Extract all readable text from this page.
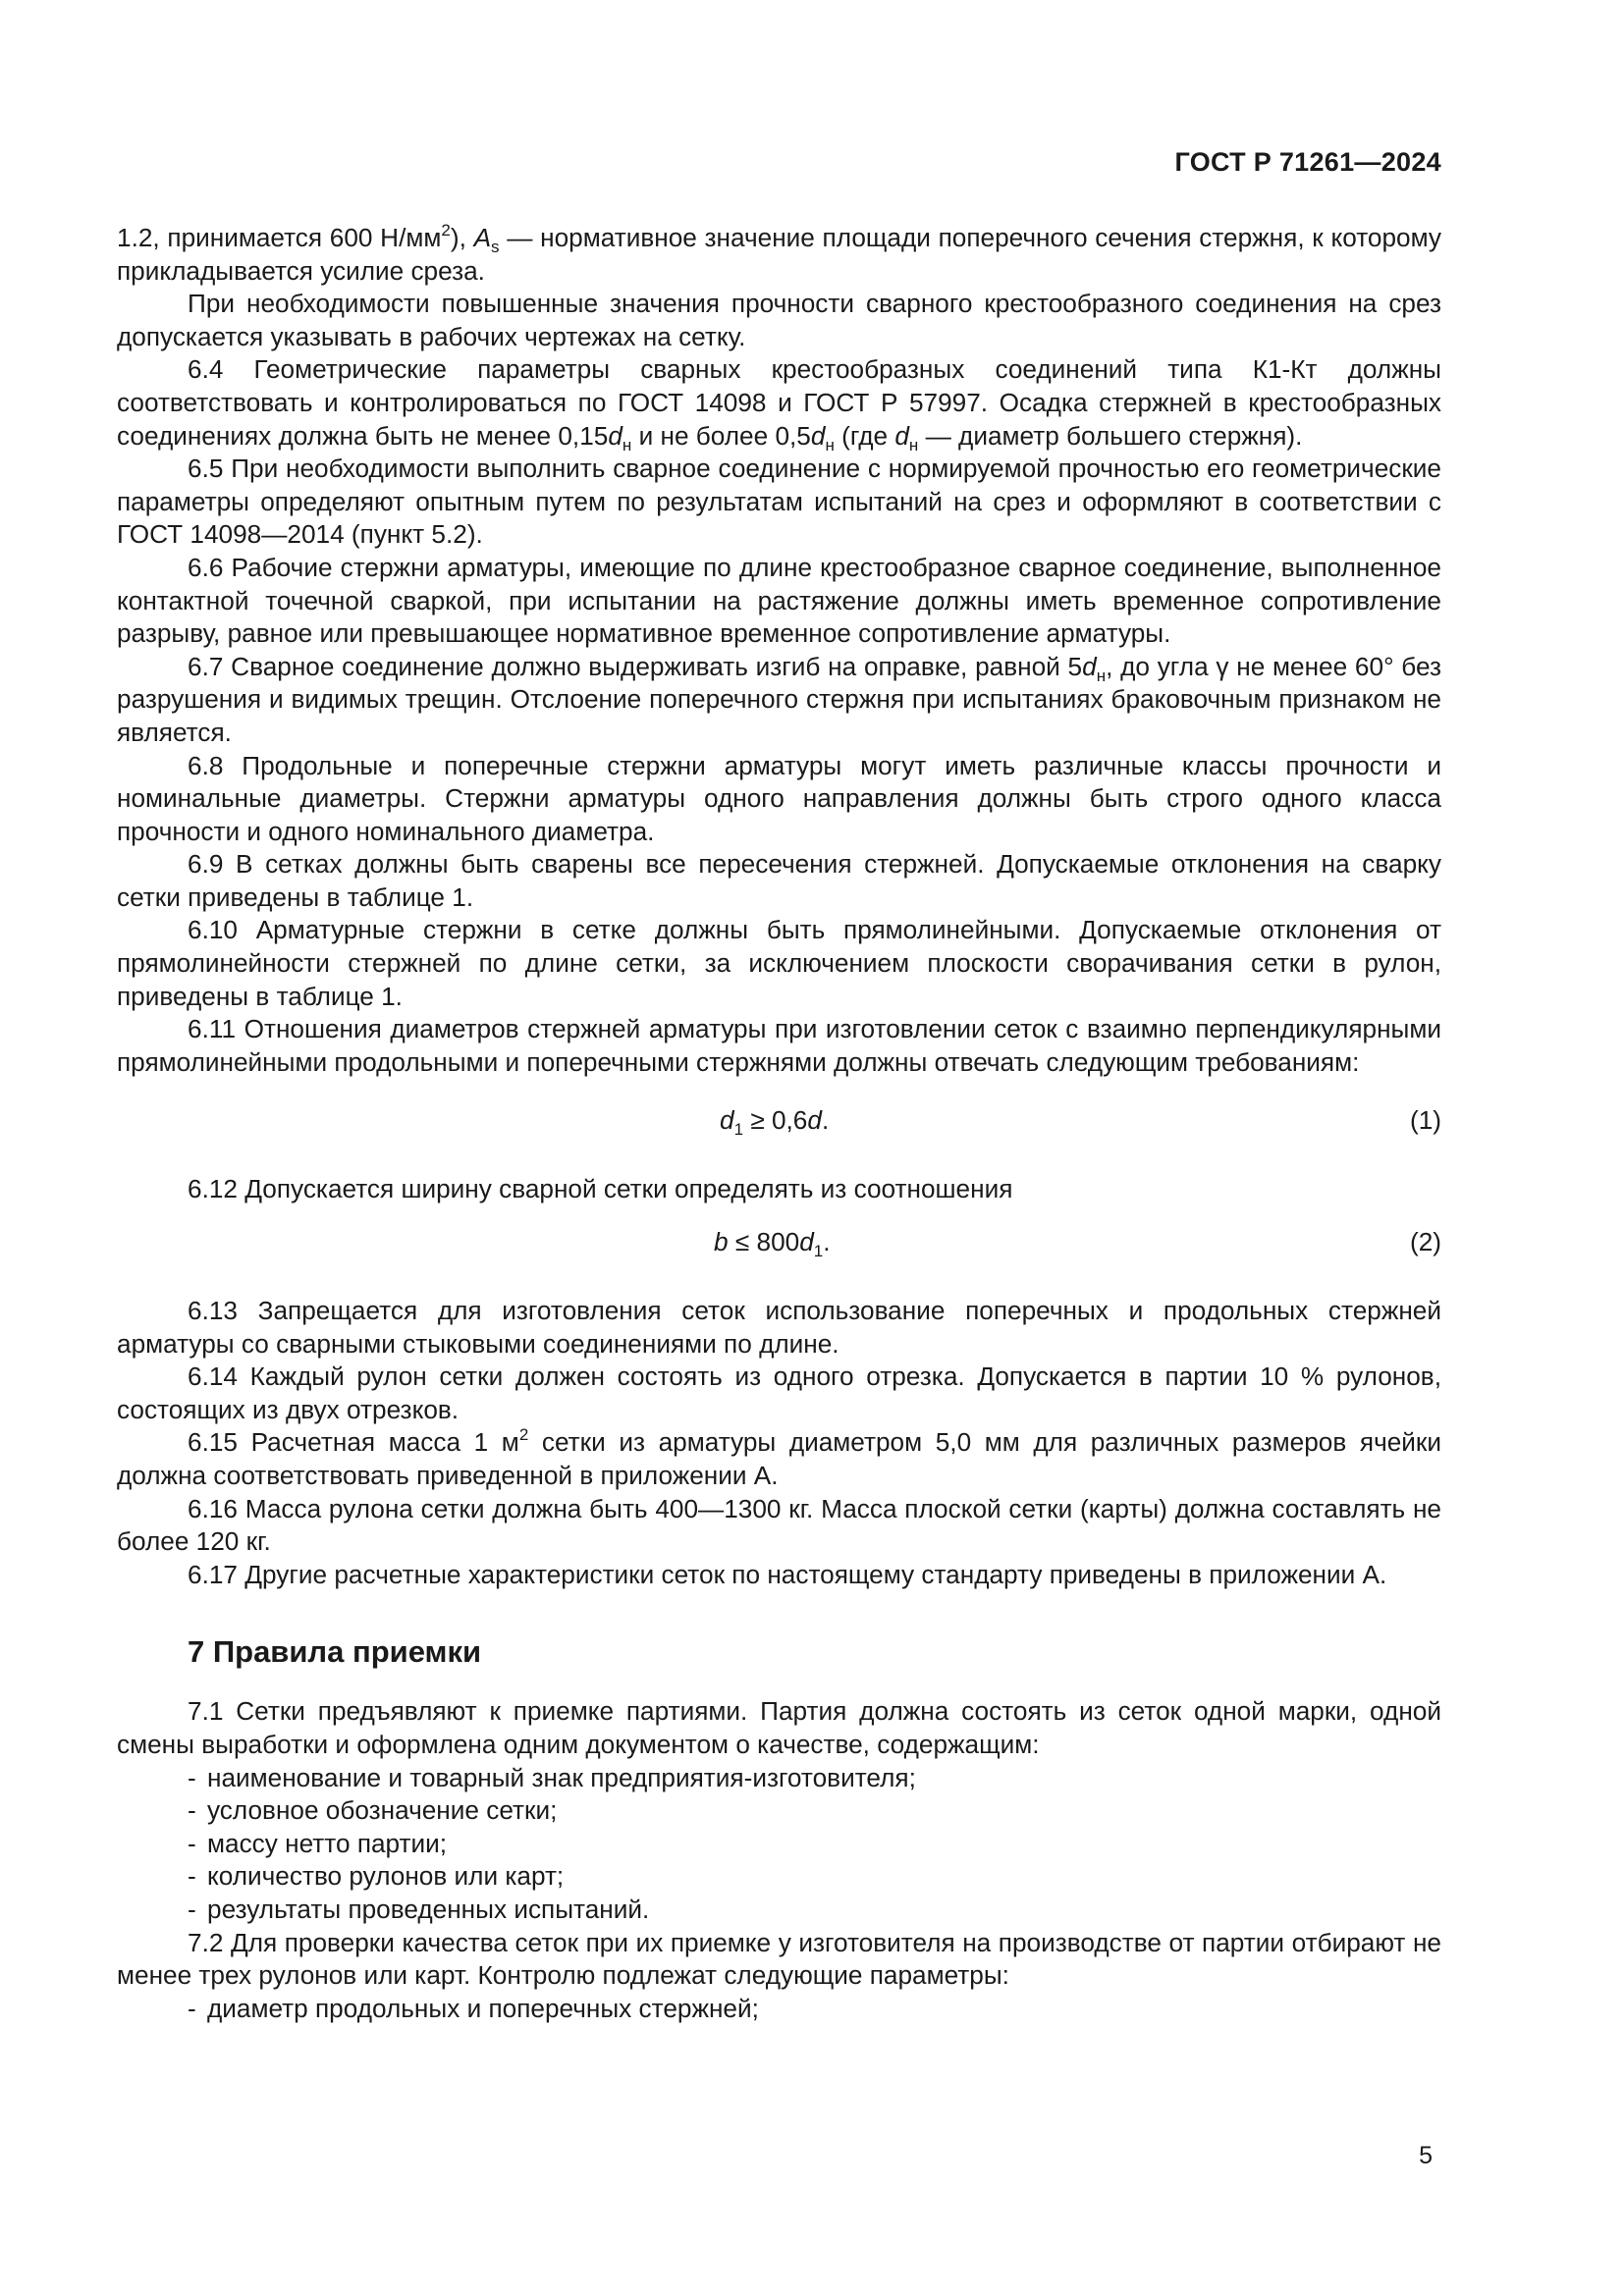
ГОСТ Р 71261—2024

1.2, принимается 600 $Н/мм^2$), $A_s$ — нормативное значение площади поперечного сечения стержня, к которому прикладывается усилие среза.

При необходимости повышенные значения прочности сварного крестообразного соединения на срез допускается указывать в рабочих чертежах на сетку.

6.4 Геометрические параметры сварных крестообразных соединений типа К1-Кт должны соответствовать и контролироваться по ГОСТ 14098 и ГОСТ Р 57997. Осадка стержней в крестообразных соединениях должна быть не менее $0,15d_н$ и не более $0,5d_н$ (где $d_н$ — диаметр большего стержня).

6.5 При необходимости выполнить сварное соединение с нормируемой прочностью его геометрические параметры определяют опытным путем по результатам испытаний на срез и оформляют в соответствии с ГОСТ 14098—2014 (пункт 5.2).

6.6 Рабочие стержни арматуры, имеющие по длине крестообразное сварное соединение, выполненное контактной точечной сваркой, при испытании на растяжение должны иметь временное сопротивление разрыву, равное или превышающее нормативное временное сопротивление арматуры.

6.7 Сварное соединение должно выдерживать изгиб на оправке, равной $5d_н$, до угла γ не менее 60° без разрушения и видимых трещин. Отслоение поперечного стержня при испытаниях браковочным признаком не является.

6.8 Продольные и поперечные стержни арматуры могут иметь различные классы прочности и номинальные диаметры. Стержни арматуры одного направления должны быть строго одного класса прочности и одного номинального диаметра.

6.9 В сетках должны быть сварены все пересечения стержней. Допускаемые отклонения на сварку сетки приведены в таблице 1.

6.10 Арматурные стержни в сетке должны быть прямолинейными. Допускаемые отклонения от прямолинейности стержней по длине сетки, за исключением плоскости сворачивания сетки в рулон, приведены в таблице 1.

6.11 Отношения диаметров стержней арматуры при изготовлении сеток с взаимно перпендикулярными прямолинейными продольными и поперечными стержнями должны отвечать следующим требованиям:

$d_1 \ge 0,6d$.	(1)

6.12 Допускается ширину сварной сетки определять из соотношения

$b \le 800d_1$.	(2)

6.13 Запрещается для изготовления сеток использование поперечных и продольных стержней арматуры со сварными стыковыми соединениями по длине.

6.14 Каждый рулон сетки должен состоять из одного отрезка. Допускается в партии 10 % рулонов, состоящих из двух отрезков.

6.15 Расчетная масса 1 $м^2$ сетки из арматуры диаметром 5,0 мм для различных размеров ячейки должна соответствовать приведенной в приложении А.

6.16 Масса рулона сетки должна быть 400—1300 кг. Масса плоской сетки (карты) должна составлять не более 120 кг.

6.17 Другие расчетные характеристики сеток по настоящему стандарту приведены в приложении А.

7 Правила приемки

7.1 Сетки предъявляют к приемке партиями. Партия должна состоять из сеток одной марки, одной смены выработки и оформлена одним документом о качестве, содержащим:

- наименование и товарный знак предприятия-изготовителя;
- условное обозначение сетки;
- массу нетто партии;
- количество рулонов или карт;
- результаты проведенных испытаний.

7.2 Для проверки качества сеток при их приемке у изготовителя на производстве от партии отбирают не менее трех рулонов или карт. Контролю подлежат следующие параметры:

- диаметр продольных и поперечных стержней;
5
